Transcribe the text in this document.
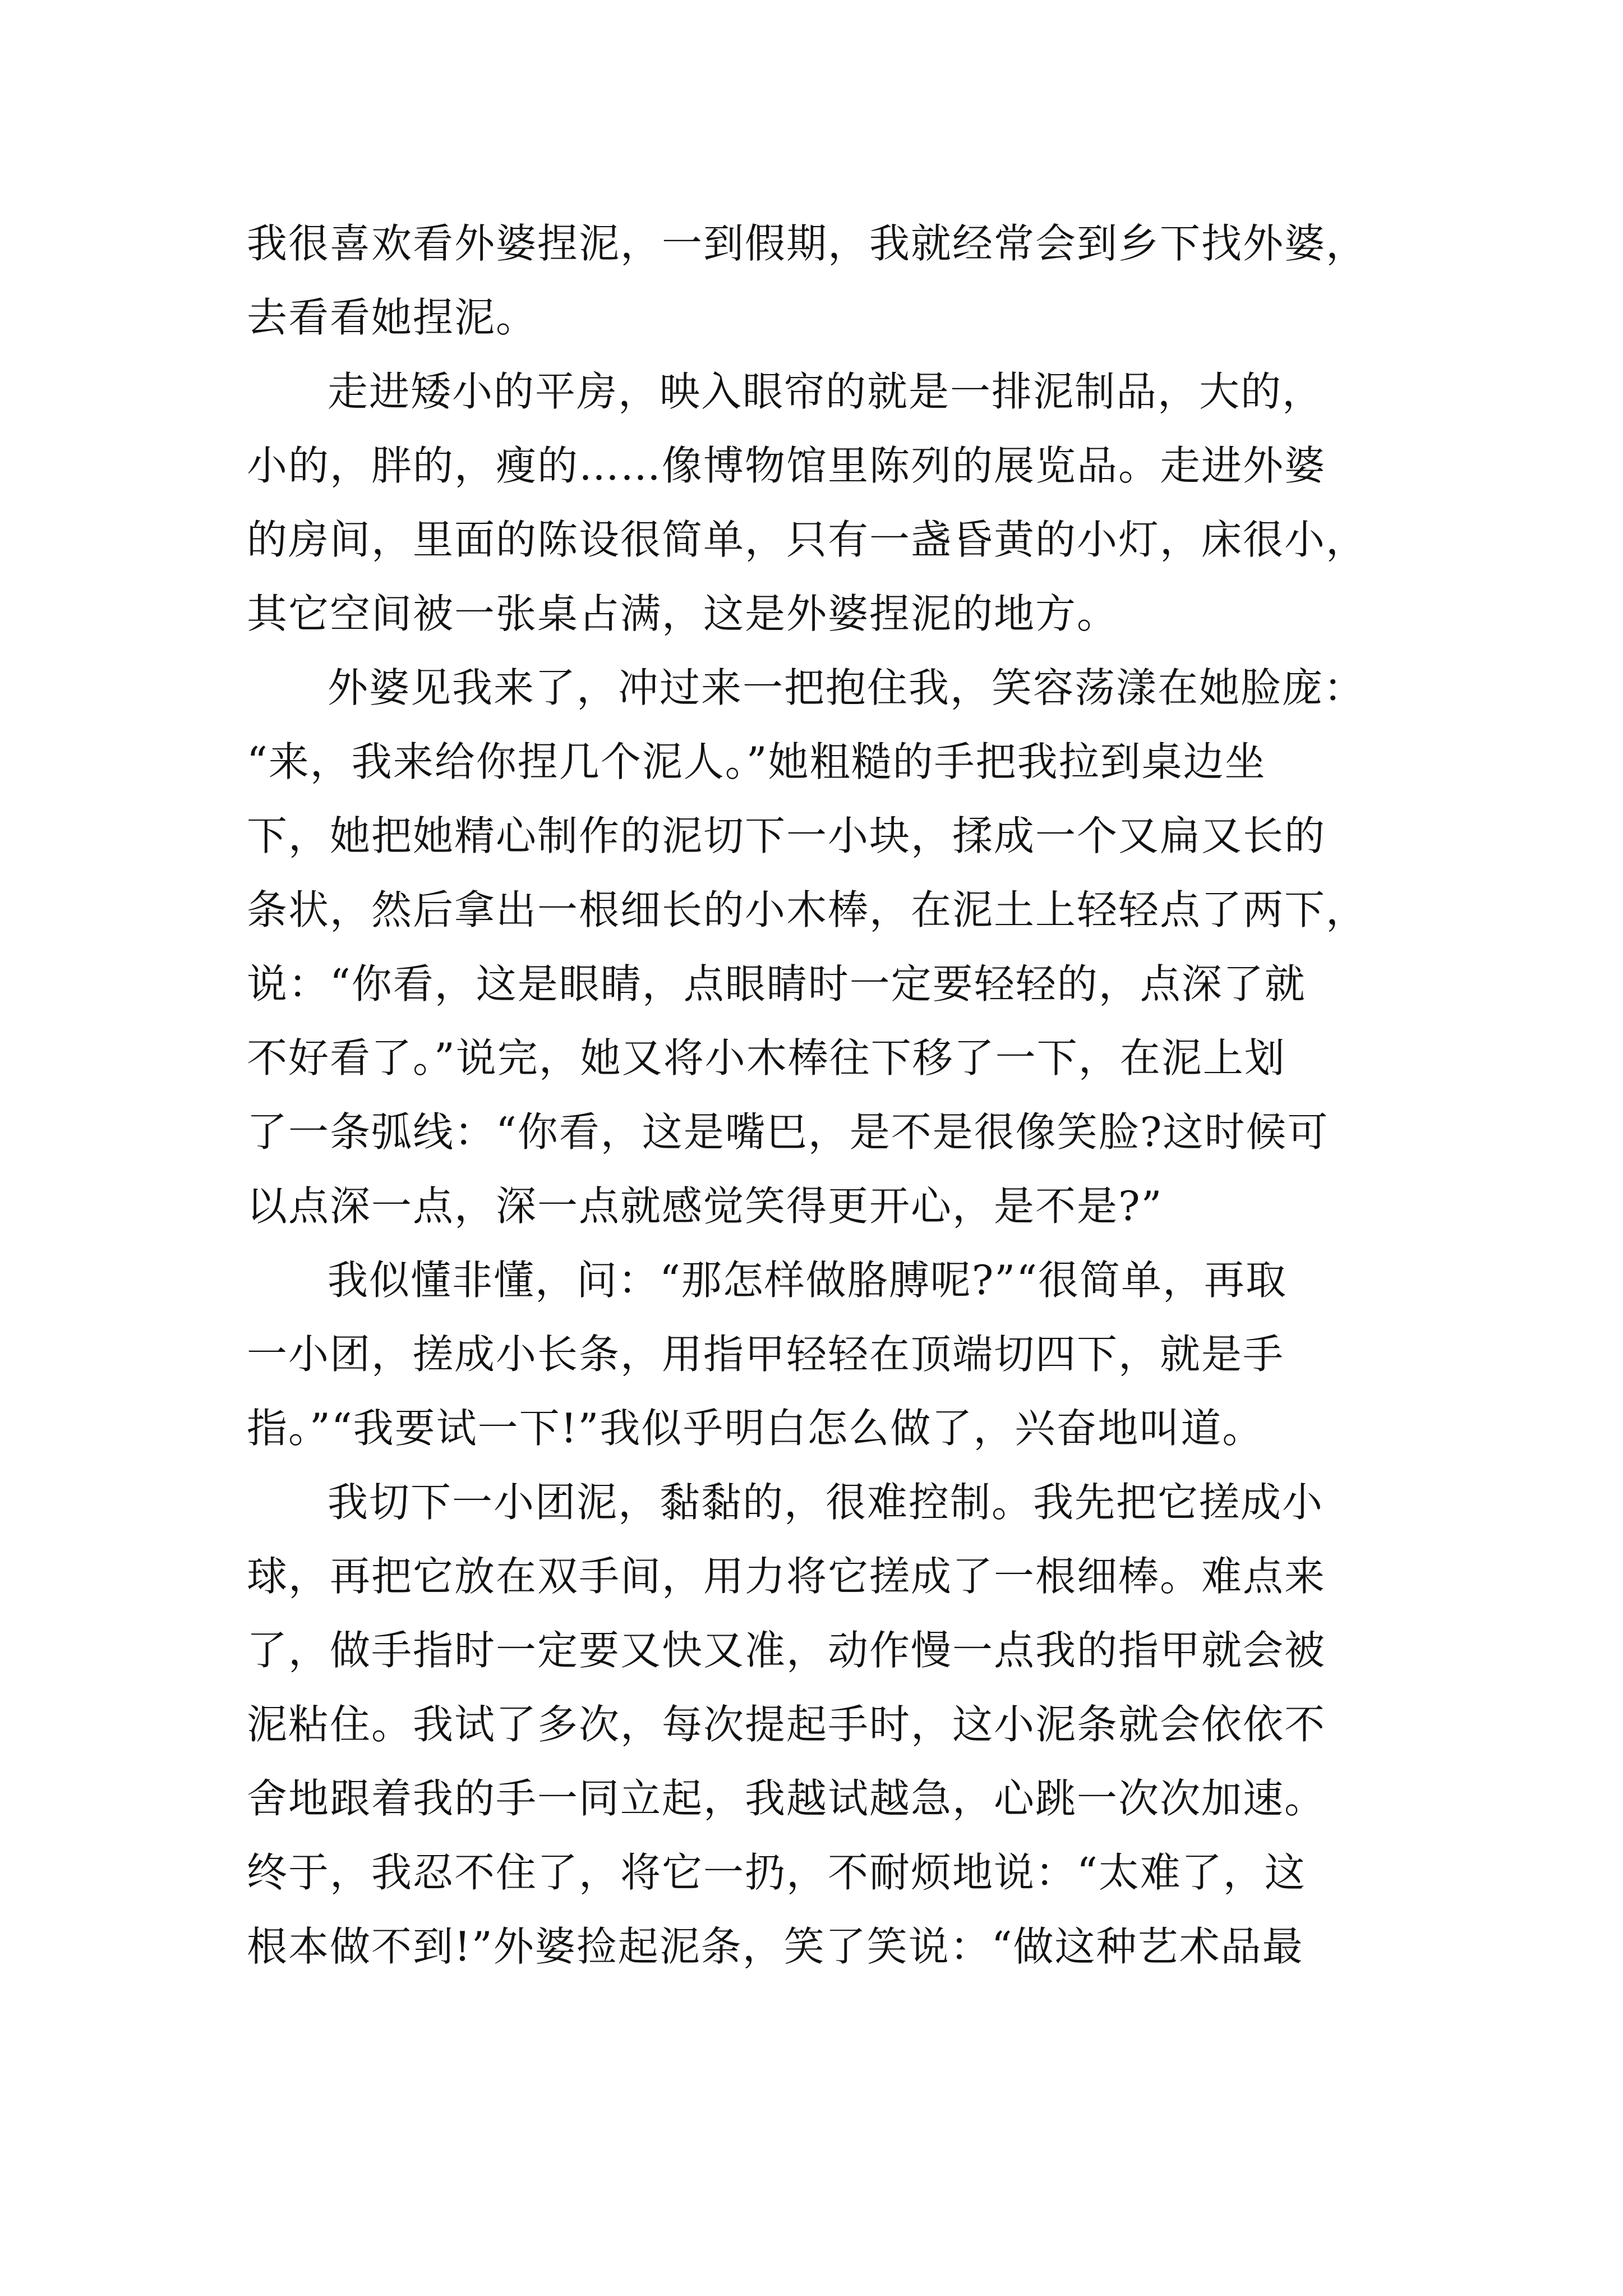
我很喜欢看外婆捏泥，一到假期，我就经常会到乡下找外婆，
去看看她捏泥。
走进矮小的平房，映入眼帘的就是一排泥制品，大的，
小的，胖的，瘦的……像博物馆里陈列的展览品。走进外婆
的房间，里面的陈设很简单，只有一盏昏黄的小灯，床很小，
其它空间被一张桌占满，这是外婆捏泥的地方。
外婆见我来了，冲过来一把抱住我，笑容荡漾在她脸庞：
“来，我来给你捏几个泥人。”她粗糙的手把我拉到桌边坐
下，她把她精心制作的泥切下一小块，揉成一个又扁又长的
条状，然后拿出一根细长的小木棒，在泥土上轻轻点了两下，
说：“你看，这是眼睛，点眼睛时一定要轻轻的，点深了就
不好看了。”说完，她又将小木棒往下移了一下，在泥上划
了一条弧线：“你看，这是嘴巴，是不是很像笑脸?这时候可
以点深一点，深一点就感觉笑得更开心，是不是?”
我似懂非懂，问：“那怎样做胳膊呢?”“很简单，再取
一小团，搓成小长条，用指甲轻轻在顶端切四下，就是手
指。”“我要试一下!”我似乎明白怎么做了，兴奋地叫道。
我切下一小团泥，黏黏的，很难控制。我先把它搓成小
球，再把它放在双手间，用力将它搓成了一根细棒。难点来
了，做手指时一定要又快又准，动作慢一点我的指甲就会被
泥粘住。我试了多次，每次提起手时，这小泥条就会依依不
舍地跟着我的手一同立起，我越试越急，心跳一次次加速。
终于，我忍不住了，将它一扔，不耐烦地说：“太难了，这
根本做不到!”外婆捡起泥条，笑了笑说：“做这种艺术品最
